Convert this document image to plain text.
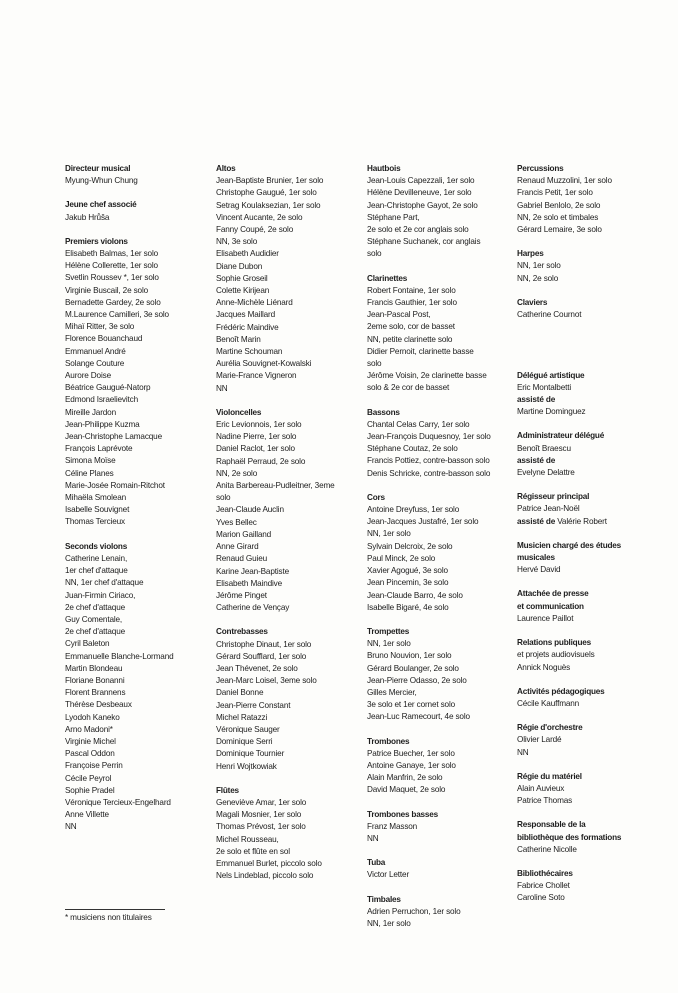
Directeur musical
Myung-Whun Chung
Jeune chef associé
Jakub Hrůša
Premiers violons
Elisabeth Balmas, 1er solo
Hélène Collerette, 1er solo
Svetlin Roussev *, 1er solo
Virginie Buscail, 2e solo
Bernadette Gardey, 2e solo
M.Laurence Camilleri, 3e solo
Mihaï Ritter, 3e solo
Florence Bouanchaud
Emmanuel André
Solange Couture
Aurore Doise
Béatrice Gaugué-Natorp
Edmond Israelievitch
Mireille Jardon
Jean-Philippe Kuzma
Jean-Christophe Lamacque
François Laprévote
Simona Moïse
Céline Planes
Marie-Josée Romain-Ritchot
Mihaëla Smolean
Isabelle Souvignet
Thomas Tercieux
Seconds violons
Catherine Lenain,
1er chef d'attaque
NN, 1er chef d'attaque
Juan-Firmin Ciriaco,
2e chef d'attaque
Guy Comentale,
2e chef d'attaque
Cyril Baleton
Emmanuelle Blanche-Lormand
Martin Blondeau
Floriane Bonanni
Florent Brannens
Thérèse Desbeaux
Lyodoh Kaneko
Arno Madoni*
Virginie Michel
Pascal Oddon
Françoise Perrin
Cécile Peyrol
Sophie Pradel
Véronique Tercieux-Engelhard
Anne Villette
NN
Altos
Jean-Baptiste Brunier, 1er solo
Christophe Gaugué, 1er solo
Setrag Koulaksezian, 1er solo
Vincent Aucante, 2e solo
Fanny Coupé, 2e solo
NN, 3e solo
Elisabeth Audidier
Diane Dubon
Sophie Groseil
Colette Kirijean
Anne-Michèle Liénard
Jacques Maillard
Frédéric Maindive
Benoît Marin
Martine Schouman
Aurélia Souvignet-Kowalski
Marie-France Vigneron
NN
Violoncelles
Eric Levionnois, 1er solo
Nadine Pierre, 1er solo
Daniel Raclot, 1er solo
Raphaël Perraud, 2e solo
NN, 2e solo
Anita Barbereau-Pudleitner, 3eme
solo
Jean-Claude Auclin
Yves Bellec
Marion Gailland
Anne Girard
Renaud Guieu
Karine Jean-Baptiste
Elisabeth Maindive
Jérôme Pinget
Catherine de Vençay
Contrebasses
Christophe Dinaut, 1er solo
Gérard Soufflard, 1er solo
Jean Thévenet, 2e solo
Jean-Marc Loisel, 3eme solo
Daniel Bonne
Jean-Pierre Constant
Michel Ratazzi
Véronique Sauger
Dominique Serri
Dominique Tournier
Henri Wojtkowiak
Flûtes
Geneviève Amar, 1er solo
Magali Mosnier, 1er solo
Thomas Prévost, 1er solo
Michel Rousseau,
2e solo et flûte en sol
Emmanuel Burlet, piccolo solo
Nels Lindeblad, piccolo solo
Hautbois
Jean-Louis Capezzali, 1er solo
Hélène Devilleneuve, 1er solo
Jean-Christophe Gayot, 2e solo
Stéphane Part,
2e solo et 2e cor anglais solo
Stéphane Suchanek, cor anglais
solo
Clarinettes
Robert Fontaine, 1er solo
Francis Gauthier, 1er solo
Jean-Pascal Post,
2eme solo, cor de basset
NN, petite clarinette solo
Didier Pernoit, clarinette basse
solo
Jérôme Voisin, 2e clarinette basse
solo & 2e cor de basset
Bassons
Chantal Celas Carry, 1er solo
Jean-François Duquesnoy, 1er solo
Stéphane Coutaz, 2e solo
Francis Pottiez, contre-basson solo
Denis Schricke, contre-basson solo
Cors
Antoine Dreyfuss, 1er solo
Jean-Jacques Justafré, 1er solo
NN, 1er solo
Sylvain Delcroix, 2e solo
Paul Minck, 2e solo
Xavier Agogué, 3e solo
Jean Pincemin, 3e solo
Jean-Claude Barro, 4e solo
Isabelle Bigaré, 4e solo
Trompettes
NN, 1er solo
Bruno Nouvion, 1er solo
Gérard Boulanger, 2e solo
Jean-Pierre Odasso, 2e solo
Gilles Mercier,
3e solo et 1er cornet solo
Jean-Luc Ramecourt, 4e solo
Trombones
Patrice Buecher, 1er solo
Antoine Ganaye, 1er solo
Alain Manfrin, 2e solo
David Maquet, 2e solo
Trombones basses
Franz Masson
NN
Tuba
Victor Letter
Timbales
Adrien Perruchon, 1er solo
NN, 1er solo
Percussions
Renaud Muzzolini, 1er solo
Francis Petit, 1er solo
Gabriel Benlolo, 2e solo
NN, 2e solo et timbales
Gérard Lemaire, 3e solo
Harpes
NN, 1er solo
NN, 2e solo
Claviers
Catherine Cournot

Délégué artistique
Eric Montalbetti
assisté de
Martine Dominguez
Administrateur délégué
Benoît Braescu
assisté de
Evelyne Delattre
Régisseur principal
Patrice Jean-Noël
assisté de Valérie Robert
Musicien chargé des études
musicales
Hervé David
Attachée de presse
et communication
Laurence Paillot
Relations publiques
et projets audiovisuels
Annick Noguès
Activités pédagogiques
Cécile Kauffmann
Régie d'orchestre
Olivier Lardé
NN
Régie du matériel
Alain Auvieux
Patrice Thomas
Responsable de la
bibliothèque des formations
Catherine Nicolle
Bibliothécaires
Fabrice Chollet
Caroline Soto
* musiciens non titulaires
